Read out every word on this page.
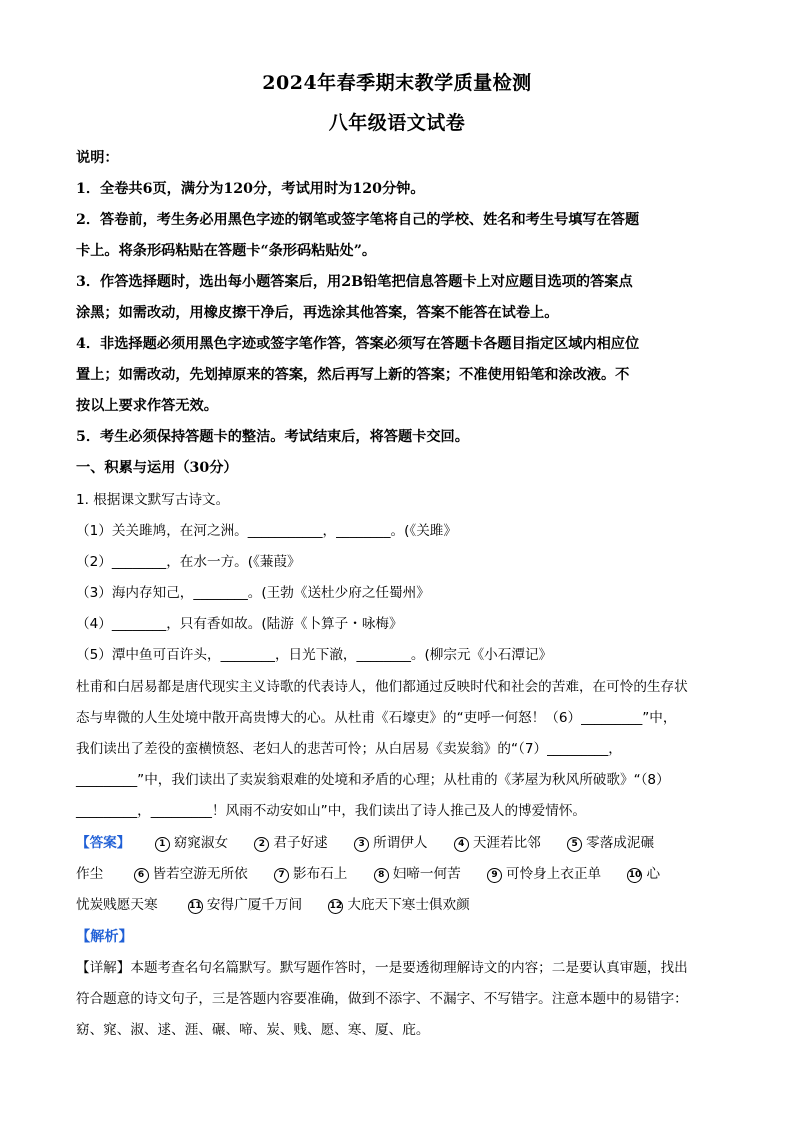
2024年春季期末教学质量检测
八年级语文试卷
说明：
1．全卷共6页，满分为120分，考试用时为120分钟。
2．答卷前，考生务必用黑色字迹的钢笔或签字笔将自己的学校、姓名和考生号填写在答题
卡上。将条形码粘贴在答题卡“条形码粘贴处”。
3．作答选择题时，选出每小题答案后，用2B铅笔把信息答题卡上对应题目选项的答案点
涂黑；如需改动，用橡皮擦干净后，再选涂其他答案，答案不能答在试卷上。
4．非选择题必须用黑色字迹或签字笔作答，答案必须写在答题卡各题目指定区域内相应位
置上；如需改动，先划掉原来的答案，然后再写上新的答案；不准使用铅笔和涂改液。不
按以上要求作答无效。
5．考生必须保持答题卡的整洁。考试结束后，将答题卡交回。
一、积累与运用（30分）
1. 根据课文默写古诗文。
（1）关关雎鸠，在河之洲。___________，________。(《关雎》
（2）________，在水一方。(《蒹葭》
（3）海内存知己，________。(王勃《送杜少府之任蜀州》
（4）________，只有香如故。(陆游《卜算子・咏梅》
（5）潭中鱼可百许头，________，日光下澈，________。(柳宗元《小石潭记》
杜甫和白居易都是唐代现实主义诗歌的代表诗人，他们都通过反映时代和社会的苦难，在可怜的生存状
态与卑微的人生处境中散开高贵博大的心。从杜甫《石壕吏》的“吏呼一何怒！（6）_________”中，
我们读出了差役的蛮横愤怒、老妇人的悲苦可怜；从白居易《卖炭翁》的“（7）_________，
_________”中，我们读出了卖炭翁艰难的处境和矛盾的心理；从杜甫的《茅屋为秋风所破歌》“（8）
_________，_________！风雨不动安如山”中，我们读出了诗人推己及人的博爱情怀。
【答案】	1 窈窕淑女	2 君子好逑	3 所谓伊人	4 天涯若比邻	5 零落成泥碾
作尘	6 皆若空游无所依	7 影布石上	8 妇啼一何苦	9 可怜身上衣正单	10 心
忧炭贱愿天寒	11 安得广厦千万间	12 大庇天下寒士俱欢颜
【解析】
【详解】本题考查名句名篇默写。默写题作答时，一是要透彻理解诗文的内容；二是要认真审题，找出
符合题意的诗文句子，三是答题内容要准确，做到不添字、不漏字、不写错字。注意本题中的易错字：
窈、窕、淑、逑、涯、碾、啼、炭、贱、愿、寒、厦、庇。
